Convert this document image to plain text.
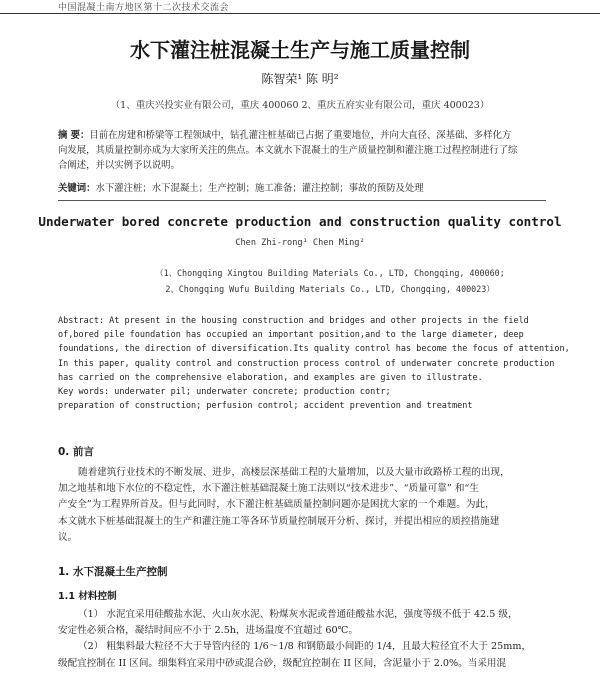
中国混凝土南方地区第十二次技术交流会
水下灌注桩混凝土生产与施工质量控制
陈智荣¹ 陈 明²
（1、重庆兴投实业有限公司，重庆 400060 2、重庆五府实业有限公司，重庆 400023）
摘 要：目前在房建和桥梁等工程领域中，钻孔灌注桩基础已占据了重要地位，并向大直径、深基础、多样化方
向发展，其质量控制亦成为大家所关注的焦点。本文就水下混凝土的生产质量控制和灌注施工过程控制进行了综
合阐述，并以实例予以说明。
关键词：水下灌注桩；水下混凝土；生产控制；施工准备；灌注控制；事故的预防及处理
Underwater bored concrete production and construction quality control
Chen Zhi-rong¹ Chen Ming²
（1、Chongqing Xingtou Building Materials Co., LTD, Chongqing, 400060;
2、Chongqing Wufu Building Materials Co., LTD, Chongqing, 400023）
Abstract: At present in the housing construction and bridges and other projects in the field
of,bored pile foundation has occupied an important position,and to the large diameter, deep
foundations, the direction of diversification.Its quality control has become the focus of attention,
In this paper, quality control and construction process control of underwater concrete production
has carried on the comprehensive elaboration, and examples are given to illustrate.
Key words: underwater pil; underwater concrete; production contr;
preparation of construction; perfusion control; accident prevention and treatment
0. 前言
随着建筑行业技术的不断发展、进步，高楼层深基础工程的大量增加，以及大量市政路桥工程的出现，
加之地基和地下水位的不稳定性，水下灌注桩基础混凝土施工法则以“技术进步”、“质量可靠” 和“生
产安全”为工程界所首及。但与此同时，水下灌注桩基础质量控制问题亦是困扰大家的一个难题。为此，
本文就水下桩基础混凝土的生产和灌注施工等各环节质量控制展开分析、探讨，并提出相应的质控措施建
议。
1. 水下混凝土生产控制
1.1 材料控制
（1） 水泥宜采用硅酸盐水泥、火山灰水泥、粉煤灰水泥或普通硅酸盐水泥，强度等级不低于 42.5 级，
安定性必须合格，凝结时间应不小于 2.5h，进场温度不宜超过 60℃。
（2） 粗集料最大粒径不大于导管内径的 1/6～1/8 和钢筋最小间距的 1/4，且最大粒径宜不大于 25mm，
级配宜控制在 II 区间。细集料宜采用中砂或混合砂，级配宜控制在 II 区间，含泥量小于 2.0%。当采用混
